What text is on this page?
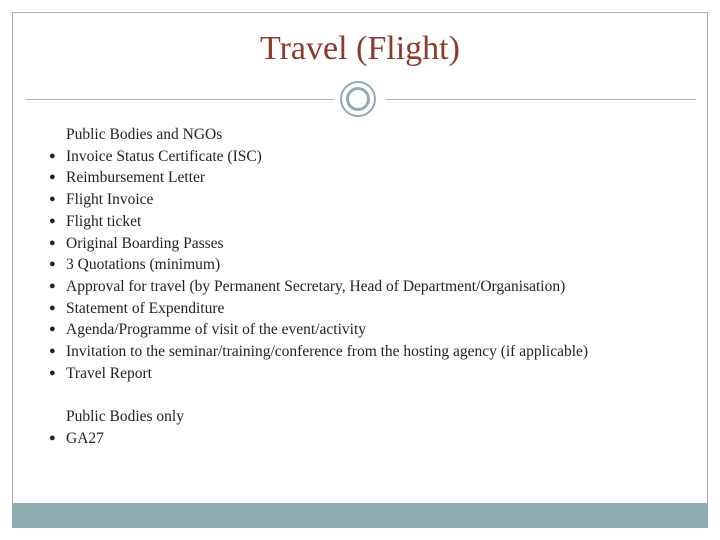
Travel (Flight)
Public Bodies and NGOs
● Invoice Status Certificate (ISC)
● Reimbursement Letter
● Flight Invoice
● Flight ticket
● Original Boarding Passes
● 3 Quotations (minimum)
● Approval for travel (by Permanent Secretary, Head of Department/Organisation)
● Statement of Expenditure
● Agenda/Programme of visit of the event/activity
● Invitation to the seminar/training/conference from the hosting agency (if applicable)
● Travel Report
Public Bodies only
● GA27
